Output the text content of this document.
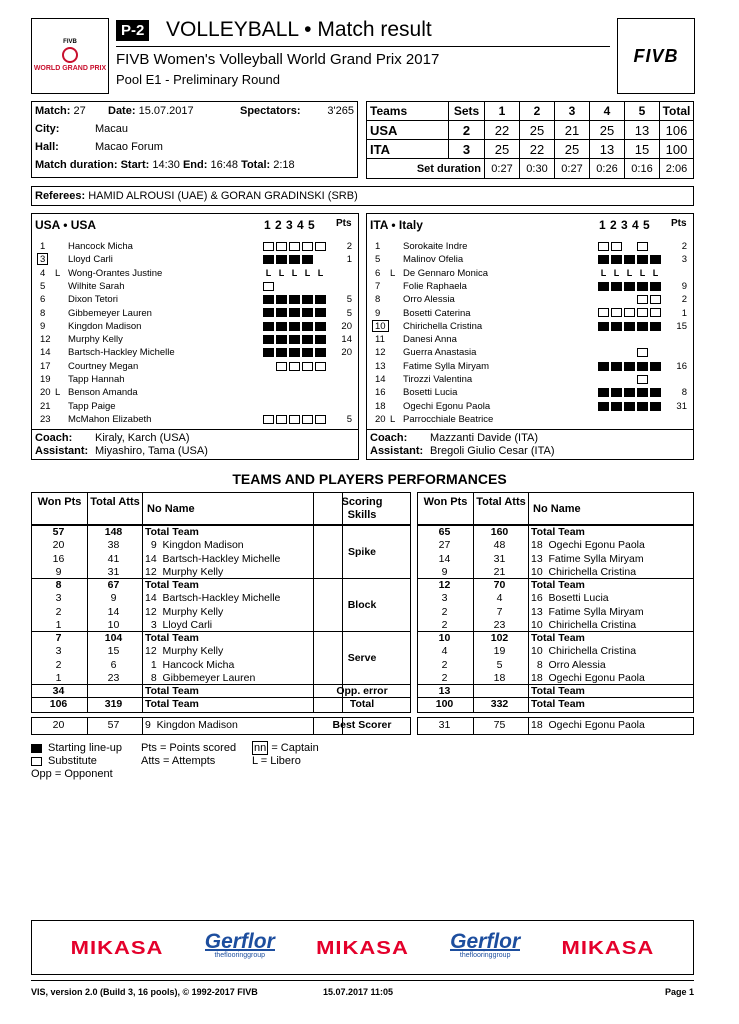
FIVB
WORLD GRAND PRIX
P-2 VOLLEYBALL • Match result
FIVB Women's Volleyball World Grand Prix 2017
Pool E1 - Preliminary Round
FIVB
Match: 27 Date: 15.07.2017	Spectators: 3'265
City:	Macau
Hall:	Macao Forum
Match duration: Start: 14:30 End: 16:48 Total: 2:18
Teams	Sets	1	2	3	4	5	Total
USA	2	22	25	21	25	13	106
ITA	3	25	22	25	13	15	100
Set duration		0:27	0:30	0:27	0:26	0:16	2:06
Referees: HAMID ALROUSI (UAE) & GORAN GRADINSKI (SRB)
USA • USA	1 2 3 4 5 Pts
1 Hancock Micha	2
3	Lloyd Carli	1
4 L Wong-Orantes Justine	L L L L L
5 Wilhite Sarah
6 Dixon Tetori	5
8 Gibbemeyer Lauren	5
9 Kingdon Madison	20
12 Murphy Kelly	14
14 Bartsch-Hackley Michelle	20
17 Courtney Megan
19 Tapp Hannah
20 L Benson Amanda
21 Tapp Paige
23 McMahon Elizabeth	5
Coach: Kiraly, Karch (USA)
Assistant: Miyashiro, Tama (USA)
ITA • Italy	1 2 3 4 5 Pts
1 Sorokaite Indre	2
5 Malinov Ofelia	3
6 L De Gennaro Monica	L L L L L
7 Folie Raphaela	9
8 Orro Alessia	2
9 Bosetti Caterina	1
10	Chirichella Cristina	15
11 Danesi Anna
12 Guerra Anastasia
13 Fatime Sylla Miryam	16
14 Tirozzi Valentina
16 Bosetti Lucia	8
18 Ogechi Egonu Paola	31
20 L Parrocchiale Beatrice
Coach: Mazzanti Davide (ITA)
Assistant: Bregoli Giulio Cesar (ITA)
TEAMS AND PLAYERS PERFORMANCES
Won Pts Total Atts
No Name
Scoring Skills
Won Pts Total Atts
No Name
57	148	Total Team	65	160	Total Team
20	38	9  Kingdon Madison	27	48	18  Ogechi Egonu Paola
16	41	14  Bartsch-Hackley Michelle	14	31	13  Fatime Sylla Miryam
9	31	12  Murphy Kelly	9	21	10  Chirichella Cristina
Spike
8	67	Total Team	12	70	Total Team
3	9	14  Bartsch-Hackley Michelle	3	4	16  Bosetti Lucia
2	14	12  Murphy Kelly	2	7	13  Fatime Sylla Miryam
1	10	3  Lloyd Carli	2	23	10  Chirichella Cristina
Block
7	104	Total Team	10	102	Total Team
3	15	12  Murphy Kelly	4	19	10  Chirichella Cristina
2	6	1  Hancock Micha	2	5	8  Orro Alessia
1	23	8  Gibbemeyer Lauren	2	18	18  Ogechi Egonu Paola
Serve
34	Total Team	Opp. error	13	Total Team
106	319	Total Team	Total	100	332	Total Team
20	57	9  Kingdon Madison	Best Scorer	31	75	18  Ogechi Egonu Paola
Starting line-up
Substitute
Opp = Opponent
Pts = Points scored
Atts = Attempts
nn = Captain
L = Libero
MIKASA Gerflor
theflooringgroup MIKASA Gerflor
theflooringgroup MIKASA
VIS, version 2.0 (Build 3, 16 pools), © 1992-2017 FIVB	15.07.2017 11:05	Page 1
